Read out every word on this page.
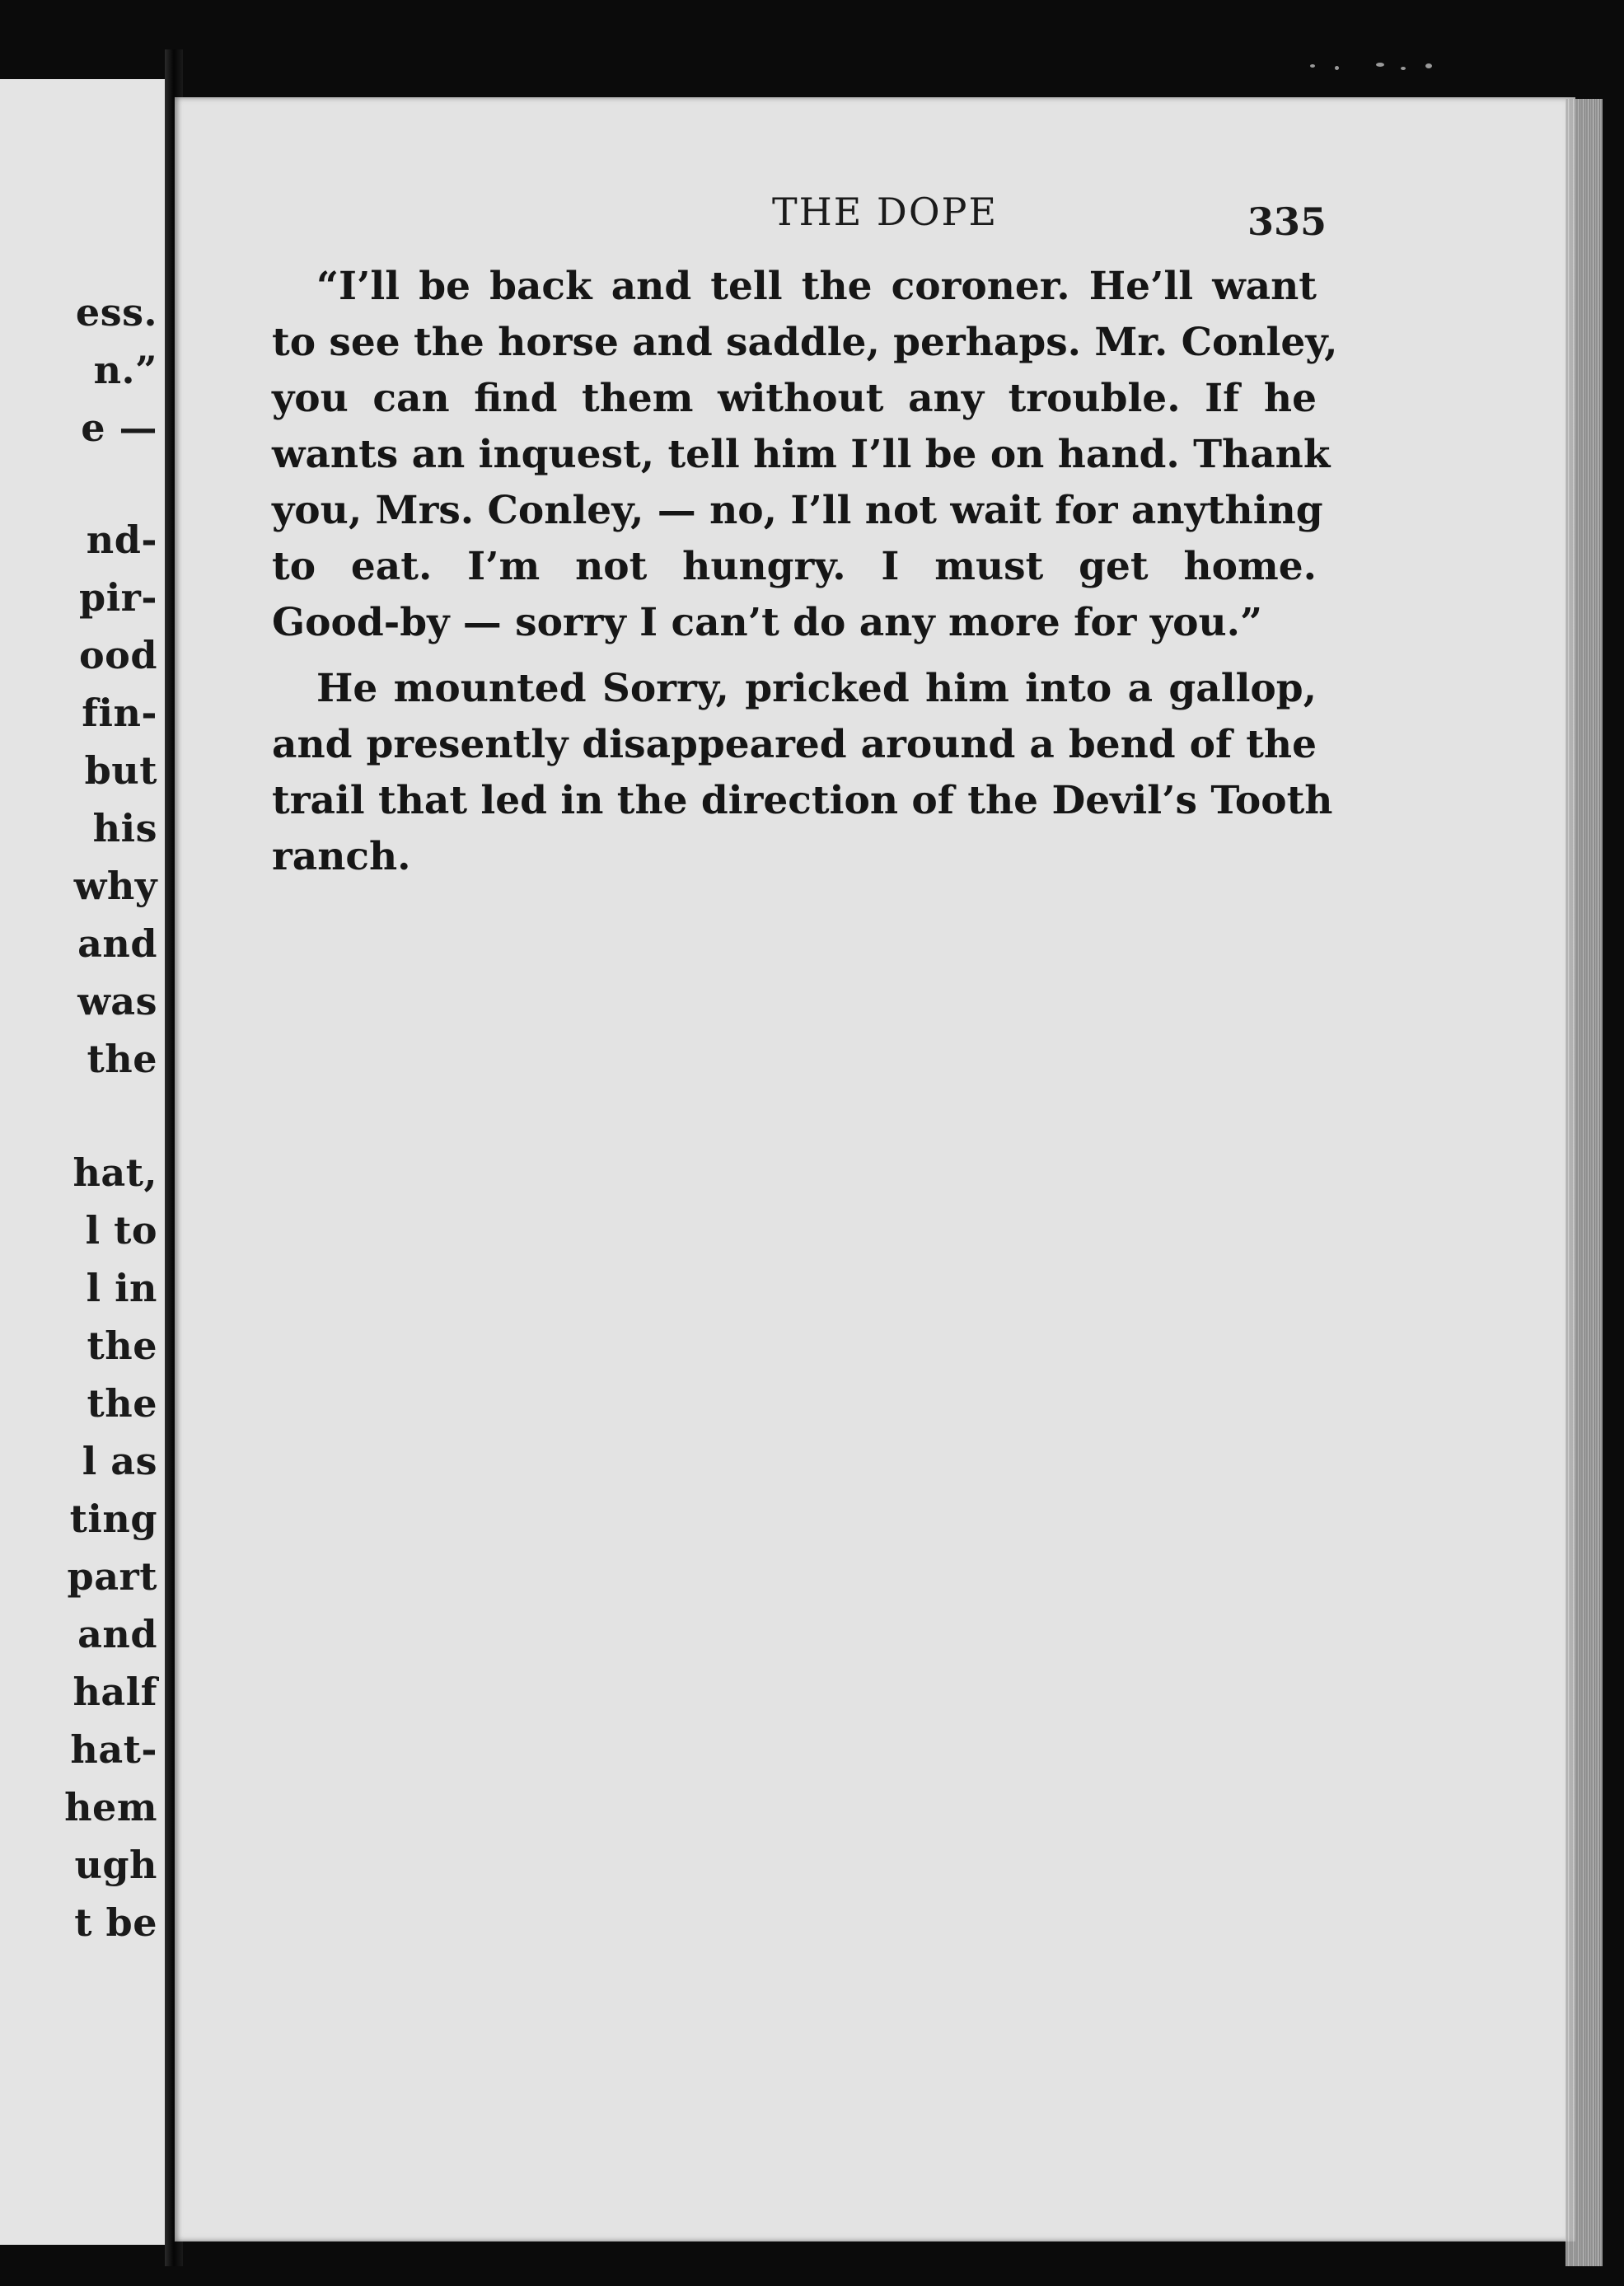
ess.
n.”
e —
nd-
pir-
ood
fin-
but
his
why
and
was
the
hat,
l to
l in
the
the
l as
ting
part
and
half
hat-
hem
ugh
t be
THE DOPE	335
“I’ll be back and tell the coroner. He’ll want
to see the horse and saddle, perhaps. Mr. Conley,
you can find them without any trouble. If he
wants an inquest, tell him I’ll be on hand. Thank
you, Mrs. Conley, — no, I’ll not wait for anything
to eat. I’m not hungry. I must get home.
Good-by — sorry I can’t do any more for you.”
He mounted Sorry, pricked him into a gallop,
and presently disappeared around a bend of the
trail that led in the direction of the Devil’s Tooth
ranch.
